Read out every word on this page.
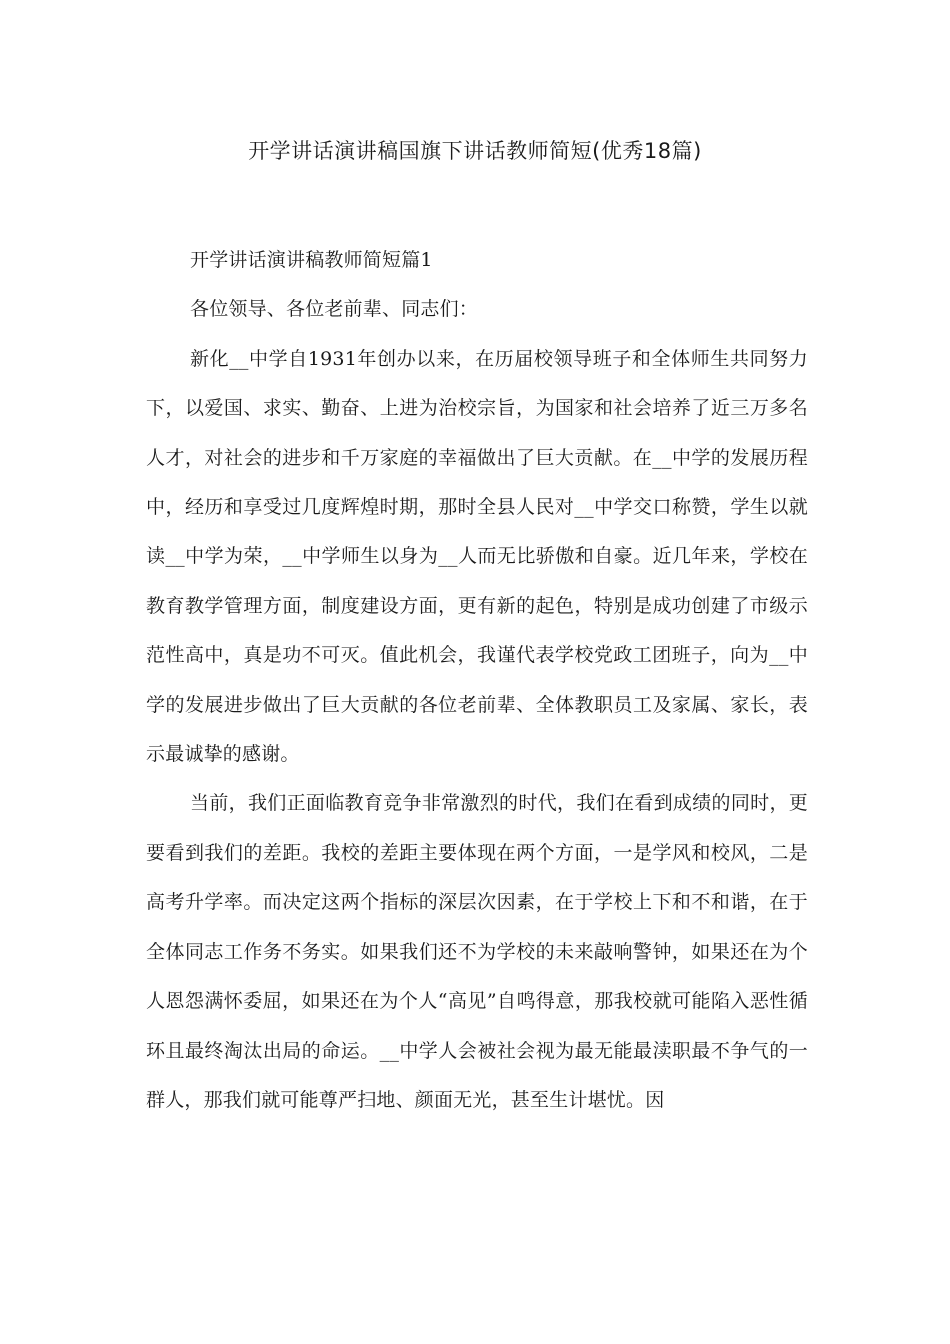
开学讲话演讲稿国旗下讲话教师简短(优秀18篇)

开学讲话演讲稿教师简短篇1

各位领导、各位老前辈、同志们：

新化__中学自1931年创办以来，在历届校领导班子和全体师生共同努力下，以爱国、求实、勤奋、上进为治校宗旨，为国家和社会培养了近三万多名人才，对社会的进步和千万家庭的幸福做出了巨大贡献。在__中学的发展历程中，经历和享受过几度辉煌时期，那时全县人民对__中学交口称赞，学生以就读__中学为荣，__中学师生以身为__人而无比骄傲和自豪。近几年来，学校在教育教学管理方面，制度建设方面，更有新的起色，特别是成功创建了市级示范性高中，真是功不可灭。值此机会，我谨代表学校党政工团班子，向为__中学的发展进步做出了巨大贡献的各位老前辈、全体教职员工及家属、家长，表示最诚挚的感谢。

当前，我们正面临教育竞争非常激烈的时代，我们在看到成绩的同时，更要看到我们的差距。我校的差距主要体现在两个方面，一是学风和校风，二是高考升学率。而决定这两个指标的深层次因素，在于学校上下和不和谐，在于全体同志工作务不务实。如果我们还不为学校的未来敲响警钟，如果还在为个人恩怨满怀委屈，如果还在为个人“高见”自鸣得意，那我校就可能陷入恶性循环且最终淘汰出局的命运。__中学人会被社会视为最无能最渎职最不争气的一群人，那我们就可能尊严扫地、颜面无光，甚至生计堪忧。因
